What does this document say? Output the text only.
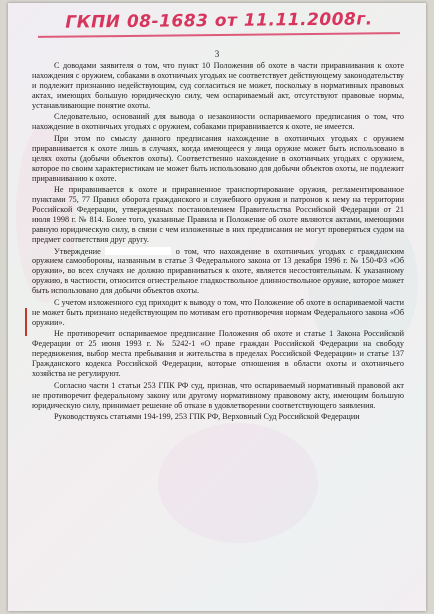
ГКПИ 08-1683 от 11.11.2008г.
3

С доводами заявителя о том, что пункт 10 Положения об охоте в части приравнивания к охоте нахождения с оружием, собаками в охотничьих угодьях не соответствует действующему законодательству и подлежит признанию недействующим, суд согласиться не может, поскольку в нормативных правовых актах, имеющих большую юридическую силу, чем оспариваемый акт, отсутствуют правовые нормы, устанавливающие понятие охоты.

Следовательно, оснований для вывода о незаконности оспариваемого предписания о том, что нахождение в охотничьих угодьях с оружием, собаками приравнивается к охоте, не имеется.

При этом по смыслу данного предписания нахождение в охотничьих угодьях с оружием приравнивается к охоте лишь в случаях, когда имеющееся у лица оружие может быть использовано в целях охоты (добычи объектов охоты). Соответственно нахождение в охотничьих угодьях с оружием, которое по своим характеристикам не может быть использовано для добычи объектов охоты, не подлежит приравниванию к охоте.

Не приравнивается к охоте и приравненное транспортирование оружия, регламентированное пунктами 75, 77 Правил оборота гражданского и служебного оружия и патронов к нему на территории Российской Федерации, утвержденных постановлением Правительства Российской Федерации от 21 июля 1998 г. № 814. Более того, указанные Правила и Положение об охоте являются актами, имеющими равную юридическую силу, в связи с чем изложенные в них предписания не могут проверяться судом на предмет соответствия друг другу.

Утверждение	о том, что нахождение в охотничьих угодьях с гражданским оружием самообороны, названным в статье 3 Федерального закона от 13 декабря 1996 г. № 150-ФЗ «Об оружии», во всех случаях не должно приравниваться к охоте, является несостоятельным. К указанному оружию, в частности, относится огнестрельное гладкоствольное длинноствольное оружие, которое может быть использовано для добычи объектов охоты.

С учетом изложенного суд приходит к выводу о том, что Положение об охоте в оспариваемой части не может быть признано недействующим по мотивам его противоречия нормам Федерального закона «Об оружии».

Не противоречит оспариваемое предписание Положения об охоте и статье 1 Закона Российской Федерации от 25 июня 1993 г. № 5242-1 «О праве граждан Российской Федерации на свободу передвижения, выбор места пребывания и жительства в пределах Российской Федерации» и статье 137 Гражданского кодекса Российской Федерации, которые отношения в области охоты и охотничьего хозяйства не регулируют.

Согласно части 1 статьи 253 ГПК РФ суд, признав, что оспариваемый нормативный правовой акт не противоречит федеральному закону или другому нормативному правовому акту, имеющим большую юридическую силу, принимает решение об отказе в удовлетворении соответствующего заявления.

Руководствуясь статьями 194-199, 253 ГПК РФ, Верховный Суд Российской Федерации
